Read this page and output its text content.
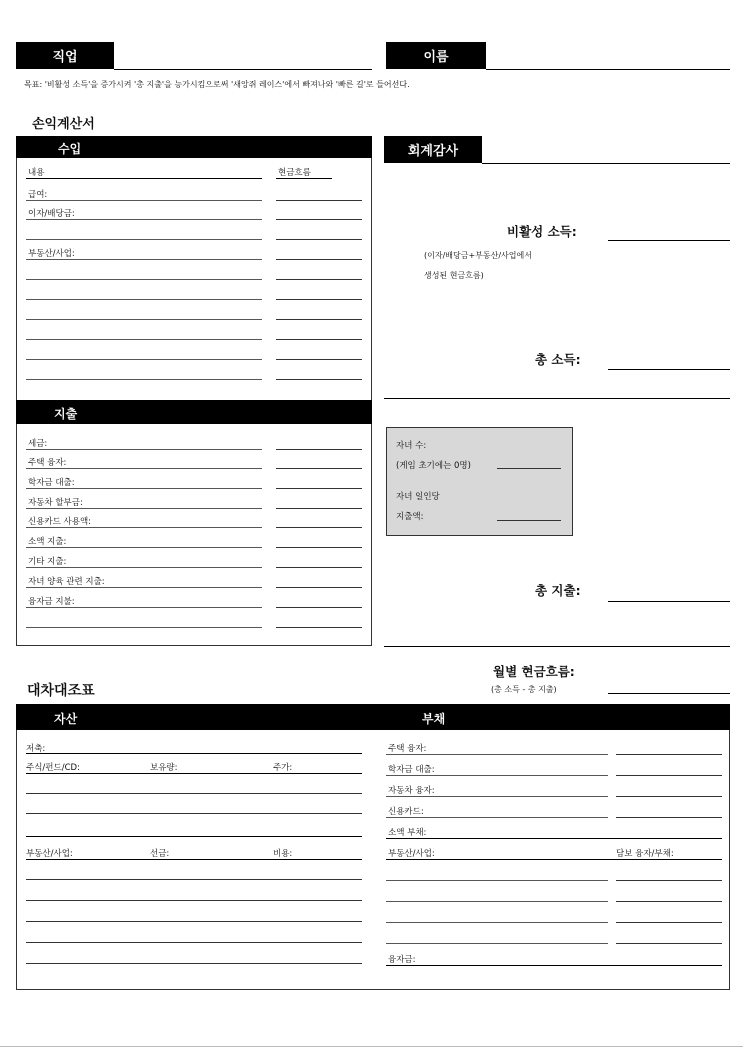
직업	이름
목표: '비활성 소득'을 증가시켜 '총 지출'을 능가시킴으로써 '새앙쥐 레이스'에서 빠져나와 '빠른 길'로 들어선다.
손익계산서
수입
내용	현금흐름
급여:
이자/배당금:
부동산/사업:
지출
세금:
주택 융자:
학자금 대출:
자동차 할부금:
신용카드 사용액:
소액 지출:
기타 지출:
자녀 양육 관련 지출:
융자금 지불:
회계감사
비활성 소득:
(이자/배당금+부동산/사업에서
생성된 현금흐름)
총 소득:
자녀 수:
(게임 초기에는 0명)
자녀 일인당
지출액:
총 지출:
월별 현금흐름:
(총 소득 - 총 지출)
대차대조표
자산	부채
저축:
주식/펀드/CD:	보유량:	주가:
부동산/사업:	선금:	비용:
주택 융자:
학자금 대출:
자동차 융자:
신용카드:
소액 부채:
부동산/사업:	담보 융자/부채:
융자금:
